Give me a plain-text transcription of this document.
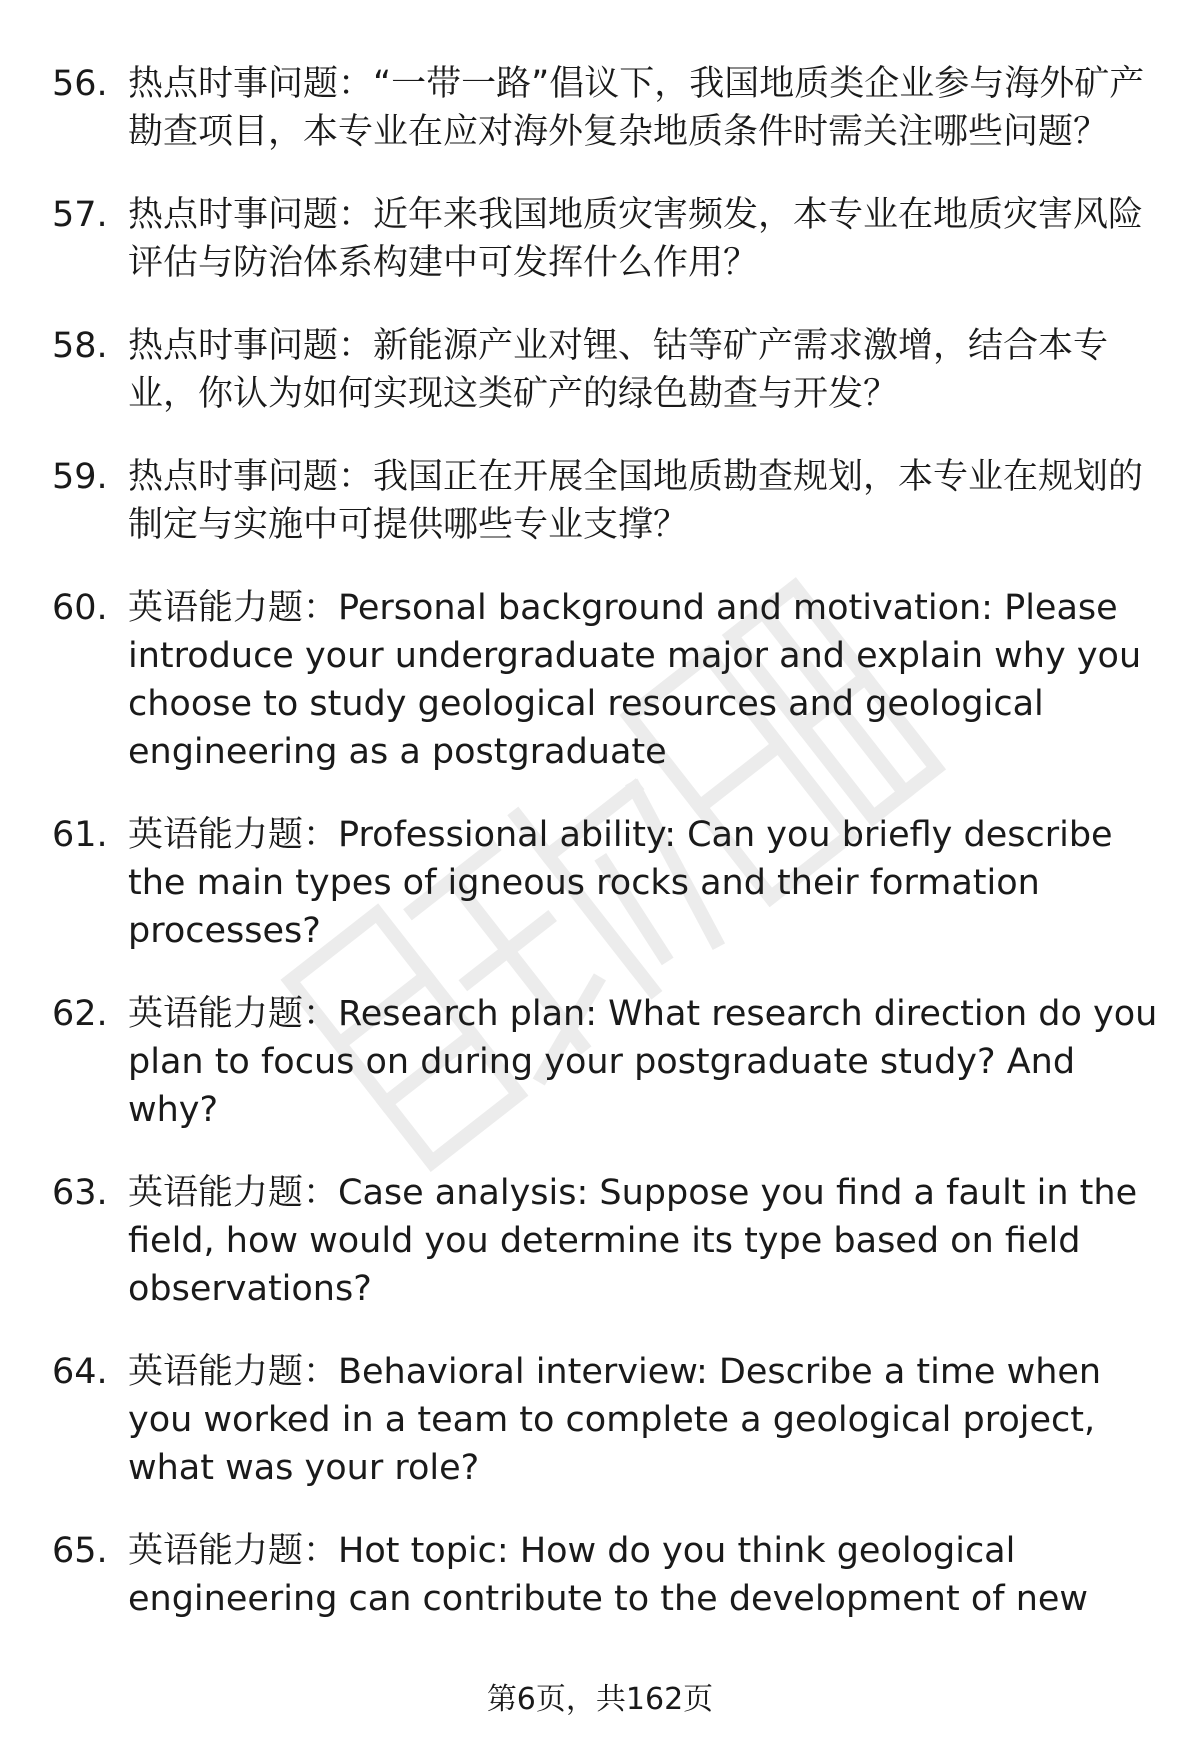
56. 热点时事问题：“一带一路”倡议下，我国地质类企业参与海外矿产勘查项目，本专业在应对海外复杂地质条件时需关注哪些问题？
57. 热点时事问题：近年来我国地质灾害频发，本专业在地质灾害风险评估与防治体系构建中可发挥什么作用？
58. 热点时事问题：新能源产业对锂、钴等矿产需求激增，结合本专业，你认为如何实现这类矿产的绿色勘查与开发？
59. 热点时事问题：我国正在开展全国地质勘查规划，本专业在规划的制定与实施中可提供哪些专业支撑？
60. 英语能力题：Personal background and motivation: Please introduce your undergraduate major and explain why you choose to study geological resources and geological engineering as a postgraduate
61. 英语能力题：Professional ability: Can you briefly describe the main types of igneous rocks and their formation processes?
62. 英语能力题：Research plan: What research direction do you plan to focus on during your postgraduate study? And why?
63. 英语能力题：Case analysis: Suppose you find a fault in the field, how would you determine its type based on field observations?
64. 英语能力题：Behavioral interview: Describe a time when you worked in a team to complete a geological project, what was your role?
65. 英语能力题：Hot topic: How do you think geological engineering can contribute to the development of new
第6页，共162页
